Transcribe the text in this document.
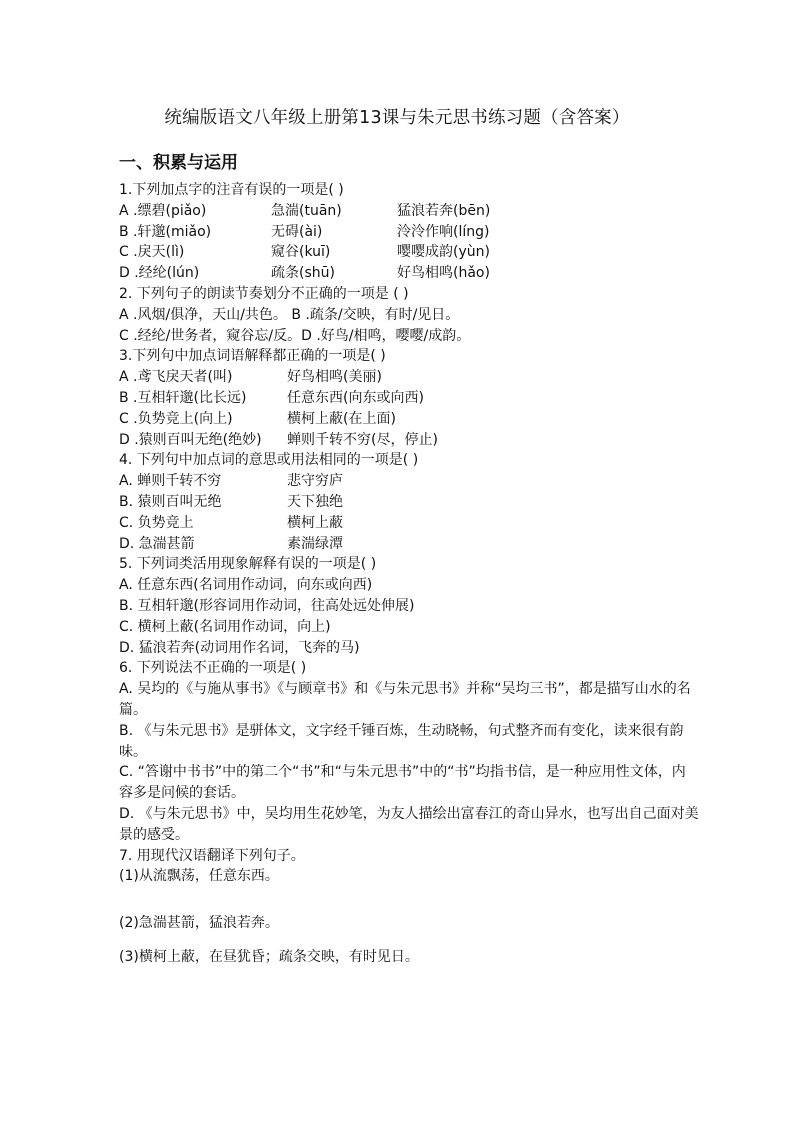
统编版语文八年级上册第13课与朱元思书练习题（含答案）
一、积累与运用
1.下列加点字的注音有误的一项是( )
A .缥碧(piǎo)	急湍(tuān)	猛浪若奔(bēn)
B .轩邈(miǎo)	无碍(ài)	泠泠作响(líng)
C .戾天(lì)	窥谷(kuī)	嘤嘤成韵(yùn)
D .经纶(lún)	疏条(shū)	好鸟相鸣(hǎo)
2. 下列句子的朗读节奏划分不正确的一项是 ( )
A .风烟/俱净，天山/共色。 B .疏条/交映，有时/见日。
C .经纶/世务者，窥谷忘/反。D .好鸟/相鸣，嘤嘤/成韵。
3.下列句中加点词语解释都正确的一项是( )
A .鸢飞戾天者(叫)	好鸟相鸣(美丽)
B .互相轩邈(比长远)	任意东西(向东或向西)
C .负势竞上(向上)	横柯上蔽(在上面)
D .猿则百叫无绝(绝妙) 蝉则千转不穷(尽，停止)
4. 下列句中加点词的意思或用法相同的一项是( )
A. 蝉则千转不穷	悲守穷庐
B. 猿则百叫无绝	天下独绝
C. 负势竞上	横柯上蔽
D. 急湍甚箭	素湍绿潭
5. 下列词类活用现象解释有误的一项是( )
A. 任意东西(名词用作动词，向东或向西)
B. 互相轩邈(形容词用作动词，往高处远处伸展)
C. 横柯上蔽(名词用作动词，向上)
D. 猛浪若奔(动词用作名词，飞奔的马)
6. 下列说法不正确的一项是( )
A. 吴均的《与施从事书》《与顾章书》和《与朱元思书》并称“吴均三书”，都是描写山水的名篇。
B. 《与朱元思书》是骈体文，文字经千锤百炼，生动晓畅，句式整齐而有变化，读来很有韵味。
C. “答谢中书书”中的第二个“书”和“与朱元思书”中的“书”均指书信，是一种应用性文体，内容多是问候的套话。
D. 《与朱元思书》中，吴均用生花妙笔，为友人描绘出富春江的奇山异水，也写出自己面对美景的感受。
7. 用现代汉语翻译下列句子。
(1)从流飘荡，任意东西。
(2)急湍甚箭，猛浪若奔。
(3)横柯上蔽，在昼犹昏；疏条交映，有时见日。
